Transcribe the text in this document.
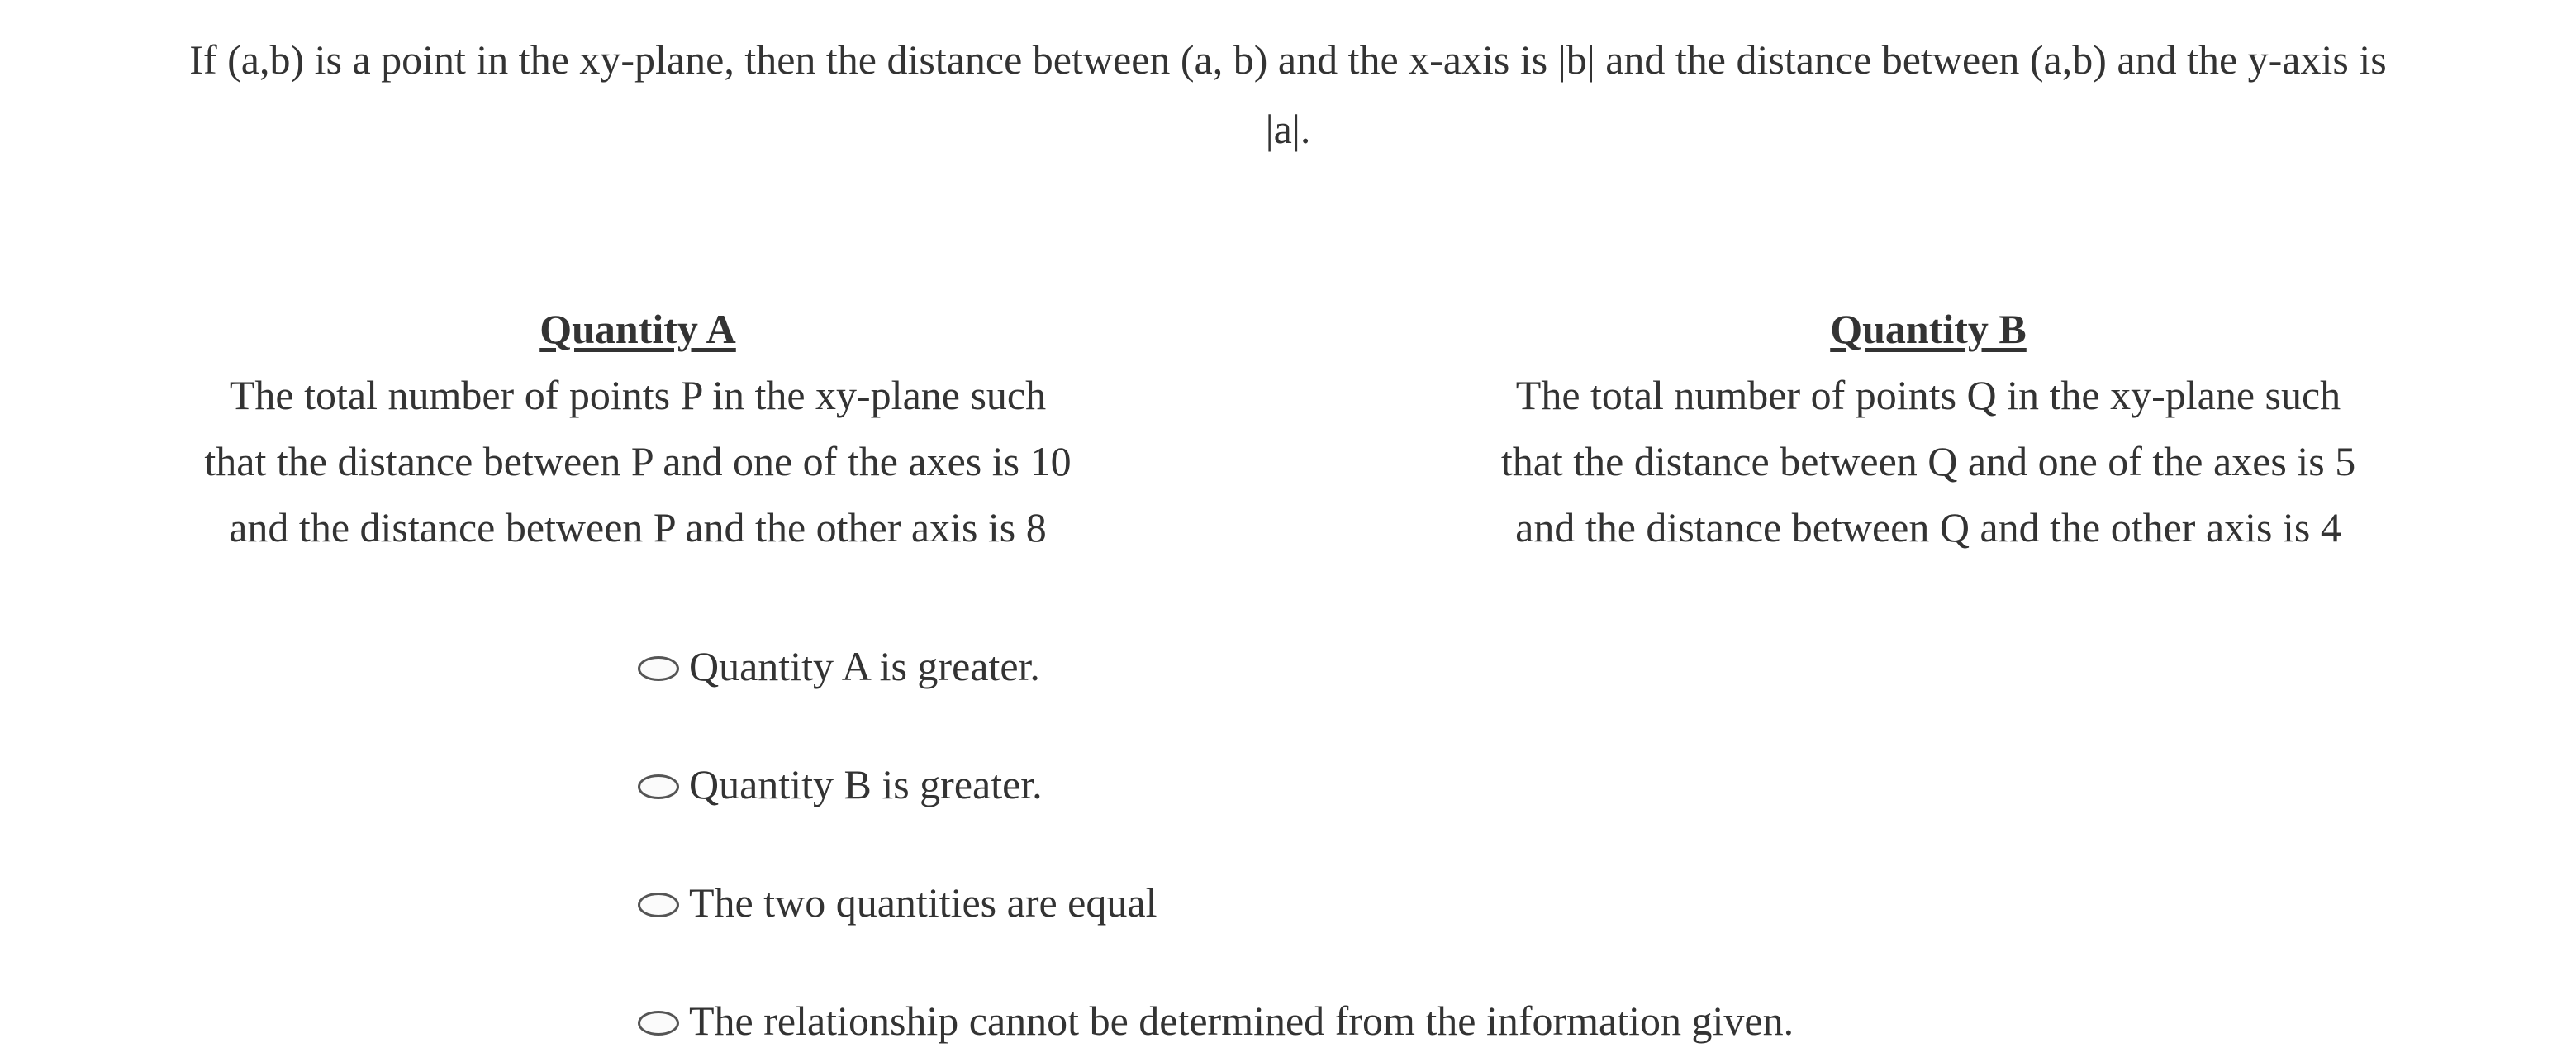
If (a,b) is a point in the xy-plane, then the distance between (a, b) and the x-axis is |b| and the distance between (a,b) and the y-axis is
|a|.
Quantity A
The total number of points P in the xy-plane such
that the distance between P and one of the axes is 10
and the distance between P and the other axis is 8
Quantity B
The total number of points Q in the xy-plane such
that the distance between Q and one of the axes is 5
and the distance between Q and the other axis is 4
Quantity A is greater.
Quantity B is greater.
The two quantities are equal
The relationship cannot be determined from the information given.
